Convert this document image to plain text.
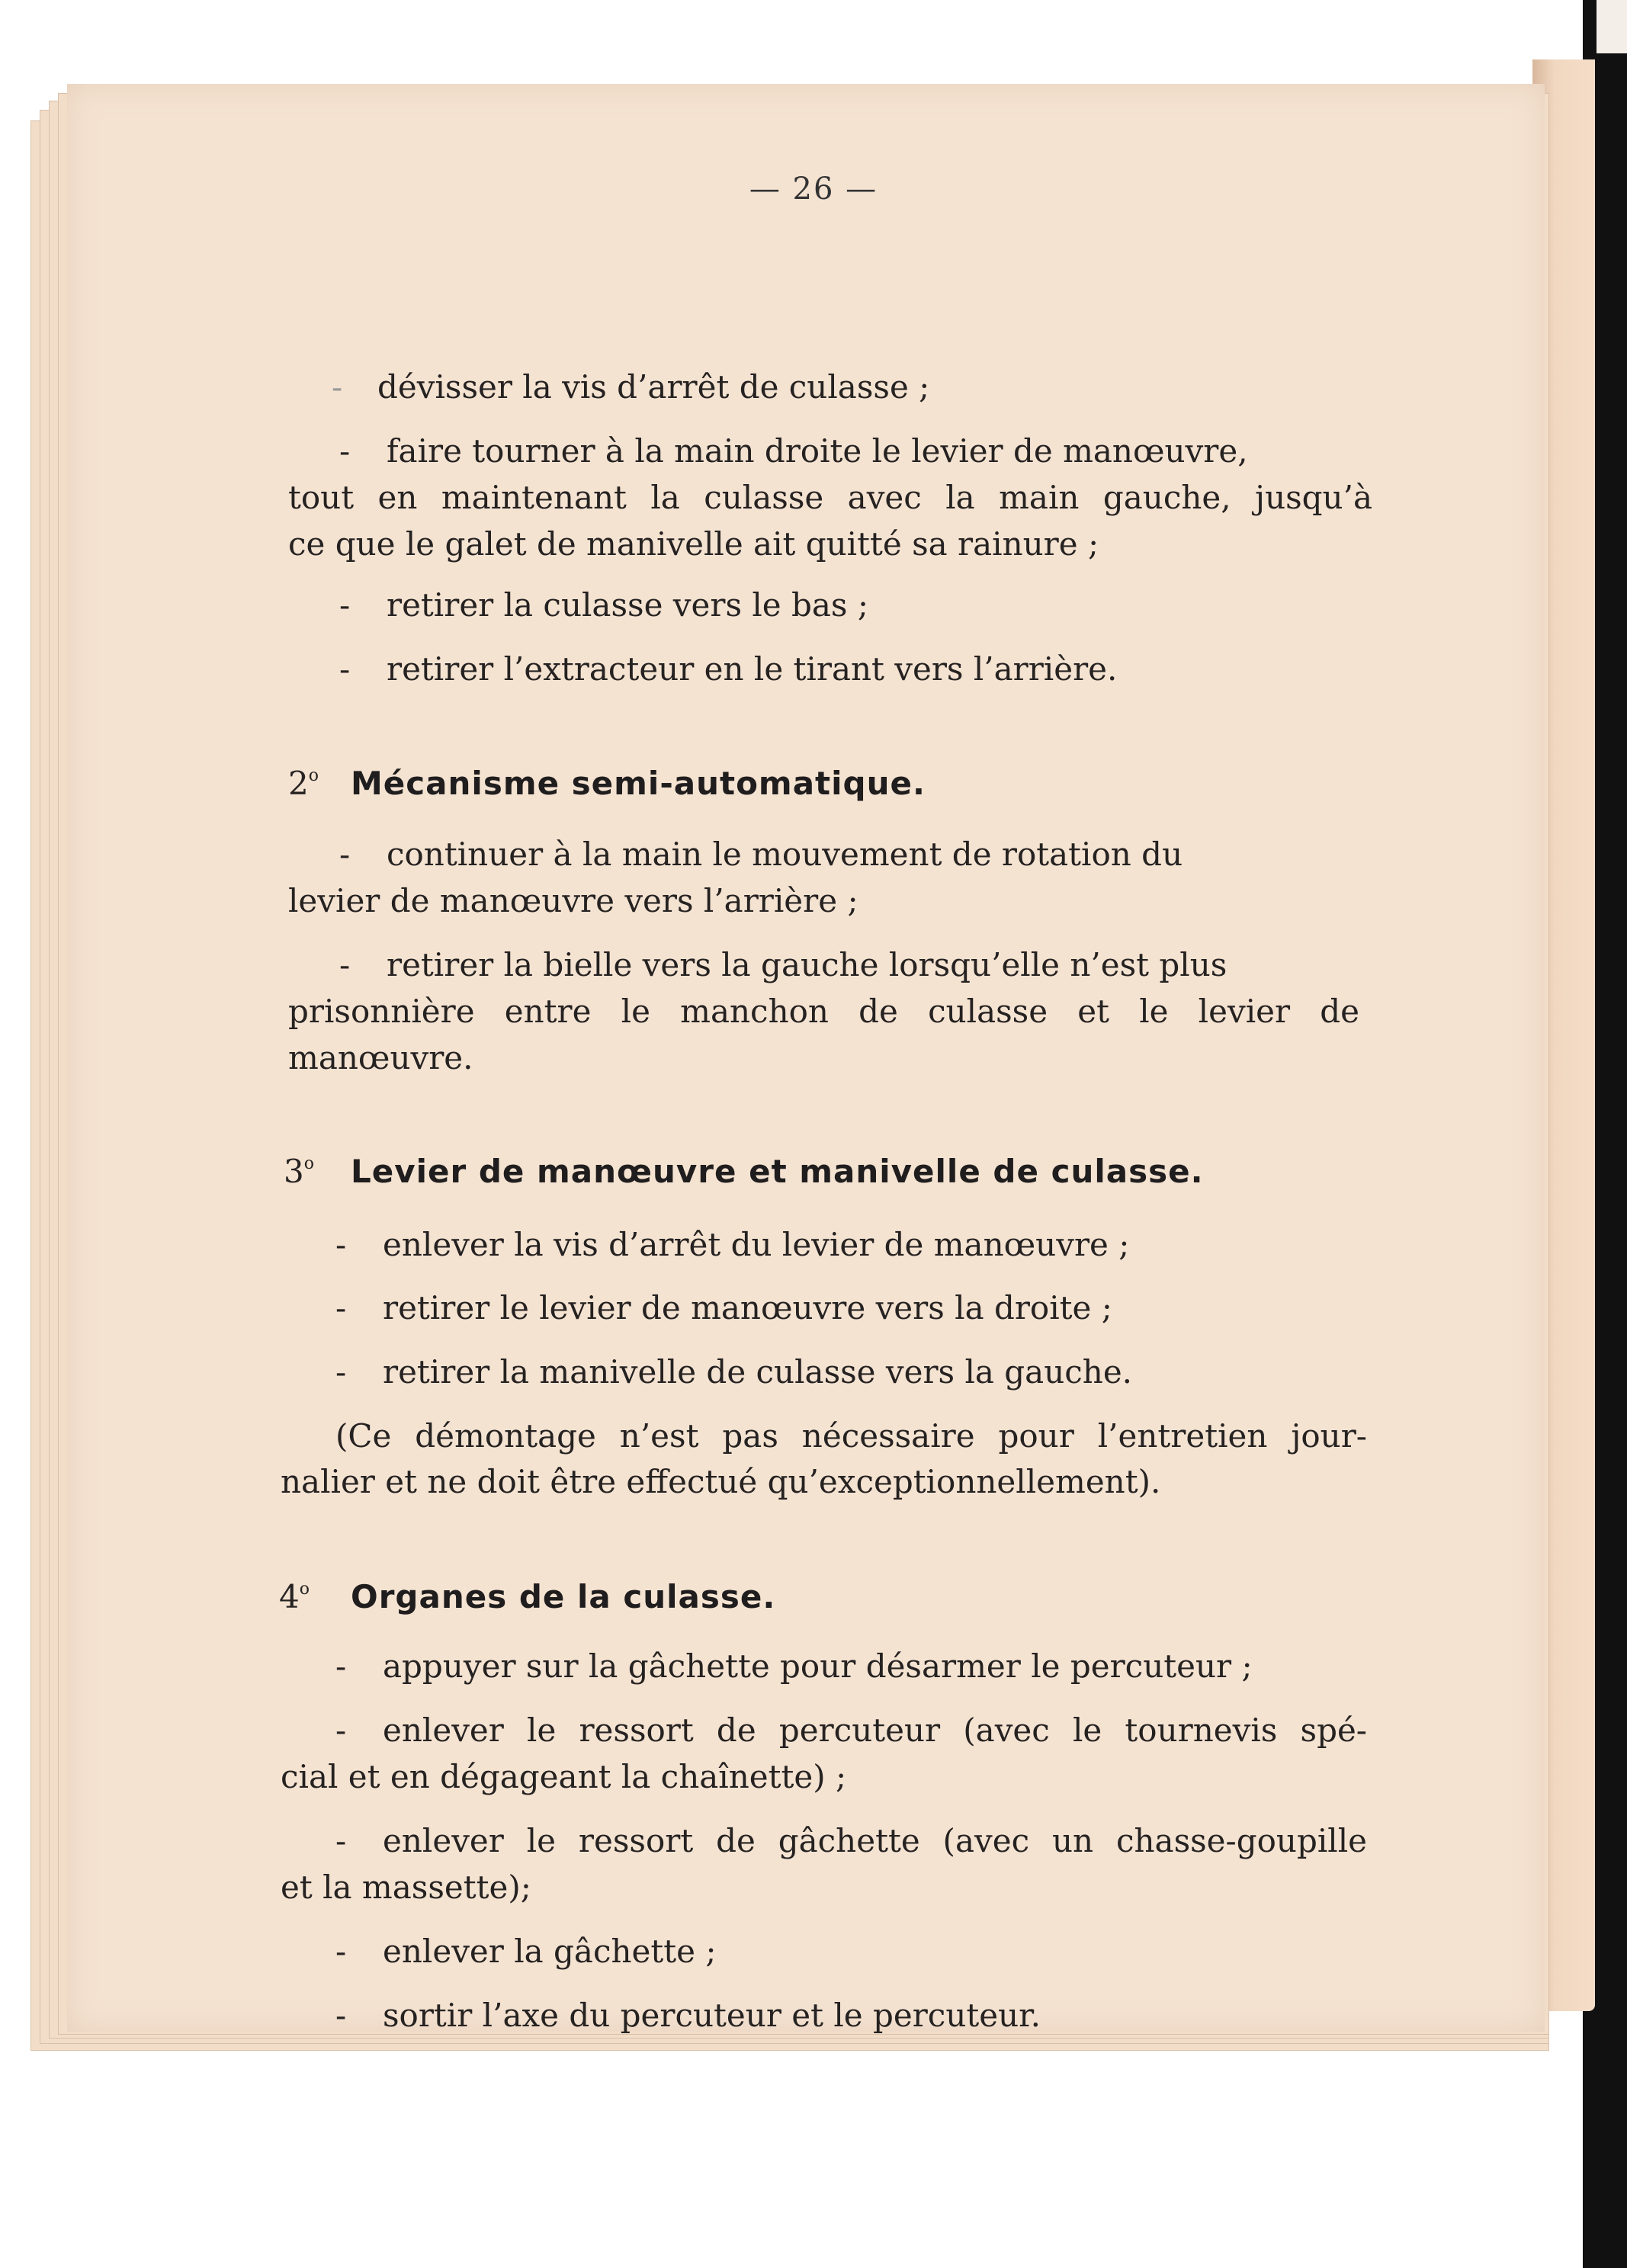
— 26 —
- dévisser la vis d’arrêt de culasse ;
- faire tourner à la main droite le levier de manœuvre,
tout en maintenant la culasse avec la main gauche, jusqu’à
ce que le galet de manivelle ait quitté sa rainure ;
- retirer la culasse vers le bas ;
- retirer l’extracteur en le tirant vers l’arrière.
2$^o$ Mécanisme semi-automatique.
- continuer à la main le mouvement de rotation du
levier de manœuvre vers l’arrière ;
- retirer la bielle vers la gauche lorsqu’elle n’est plus
prisonnière entre le manchon de culasse et le levier de
manœuvre.
3$^o$ Levier de manœuvre et manivelle de culasse.
- enlever la vis d’arrêt du levier de manœuvre ;
- retirer le levier de manœuvre vers la droite ;
- retirer la manivelle de culasse vers la gauche.
(Ce démontage n’est pas nécessaire pour l’entretien jour-
nalier et ne doit être effectué qu’exceptionnellement).
4$^o$ Organes de la culasse.
- appuyer sur la gâchette pour désarmer le percuteur ;
- enlever le ressort de percuteur (avec le tournevis spé-
cial et en dégageant la chaînette) ;
- enlever le ressort de gâchette (avec un chasse-goupille
et la massette);
- enlever la gâchette ;
- sortir l’axe du percuteur et le percuteur.
